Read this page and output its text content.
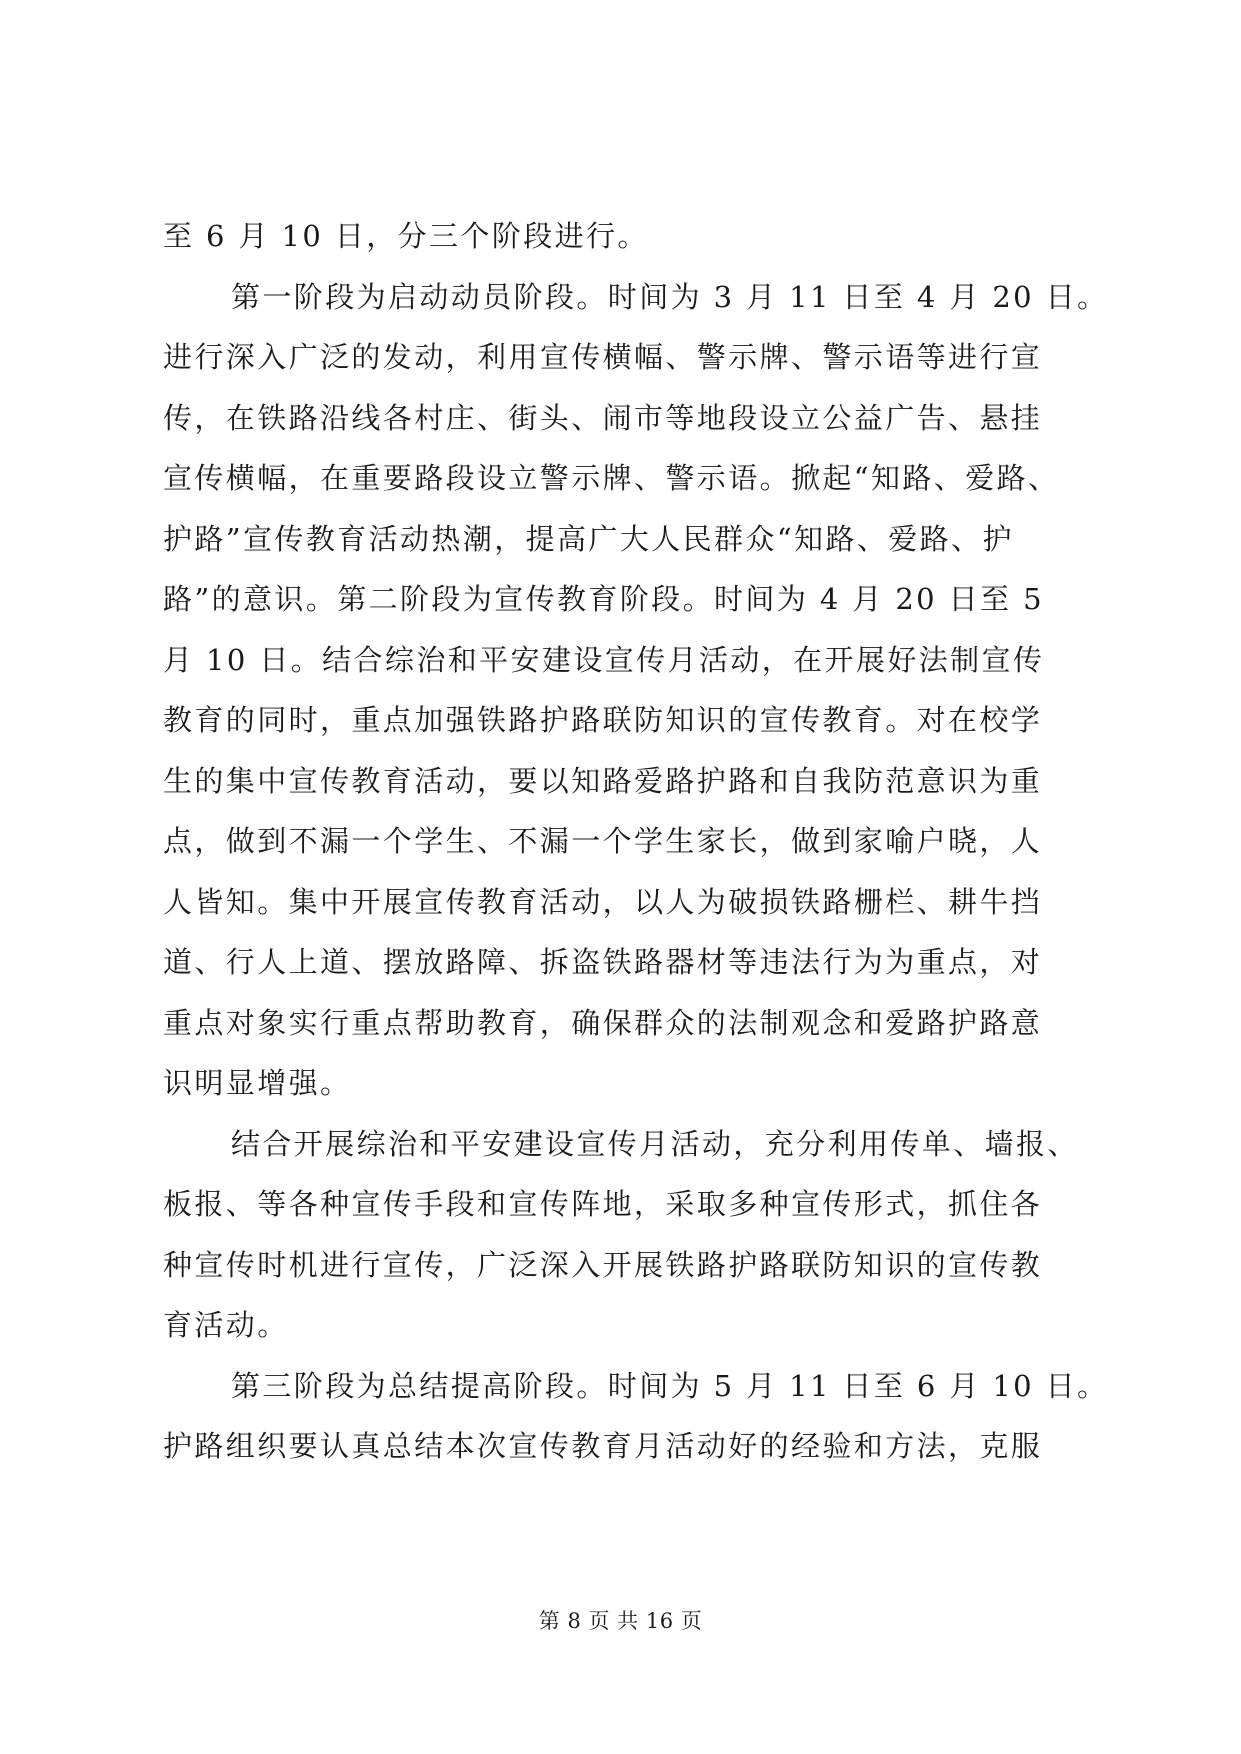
至 6 月 10 日，分三个阶段进行。
第一阶段为启动动员阶段。时间为 3 月 11 日至 4 月 20 日。
进行深入广泛的发动，利用宣传横幅、警示牌、警示语等进行宣
传，在铁路沿线各村庄、街头、闹市等地段设立公益广告、悬挂
宣传横幅，在重要路段设立警示牌、警示语。掀起“知路、爱路、
护路”宣传教育活动热潮，提高广大人民群众“知路、爱路、护
路”的意识。第二阶段为宣传教育阶段。时间为 4 月 20 日至 5
月 10 日。结合综治和平安建设宣传月活动，在开展好法制宣传
教育的同时，重点加强铁路护路联防知识的宣传教育。对在校学
生的集中宣传教育活动，要以知路爱路护路和自我防范意识为重
点，做到不漏一个学生、不漏一个学生家长，做到家喻户晓，人
人皆知。集中开展宣传教育活动，以人为破损铁路栅栏、耕牛挡
道、行人上道、摆放路障、拆盗铁路器材等违法行为为重点，对
重点对象实行重点帮助教育，确保群众的法制观念和爱路护路意
识明显增强。
结合开展综治和平安建设宣传月活动，充分利用传单、墙报、
板报、等各种宣传手段和宣传阵地，采取多种宣传形式，抓住各
种宣传时机进行宣传，广泛深入开展铁路护路联防知识的宣传教
育活动。
第三阶段为总结提高阶段。时间为 5 月 11 日至 6 月 10 日。
护路组织要认真总结本次宣传教育月活动好的经验和方法，克服
第 8 页 共 16 页
